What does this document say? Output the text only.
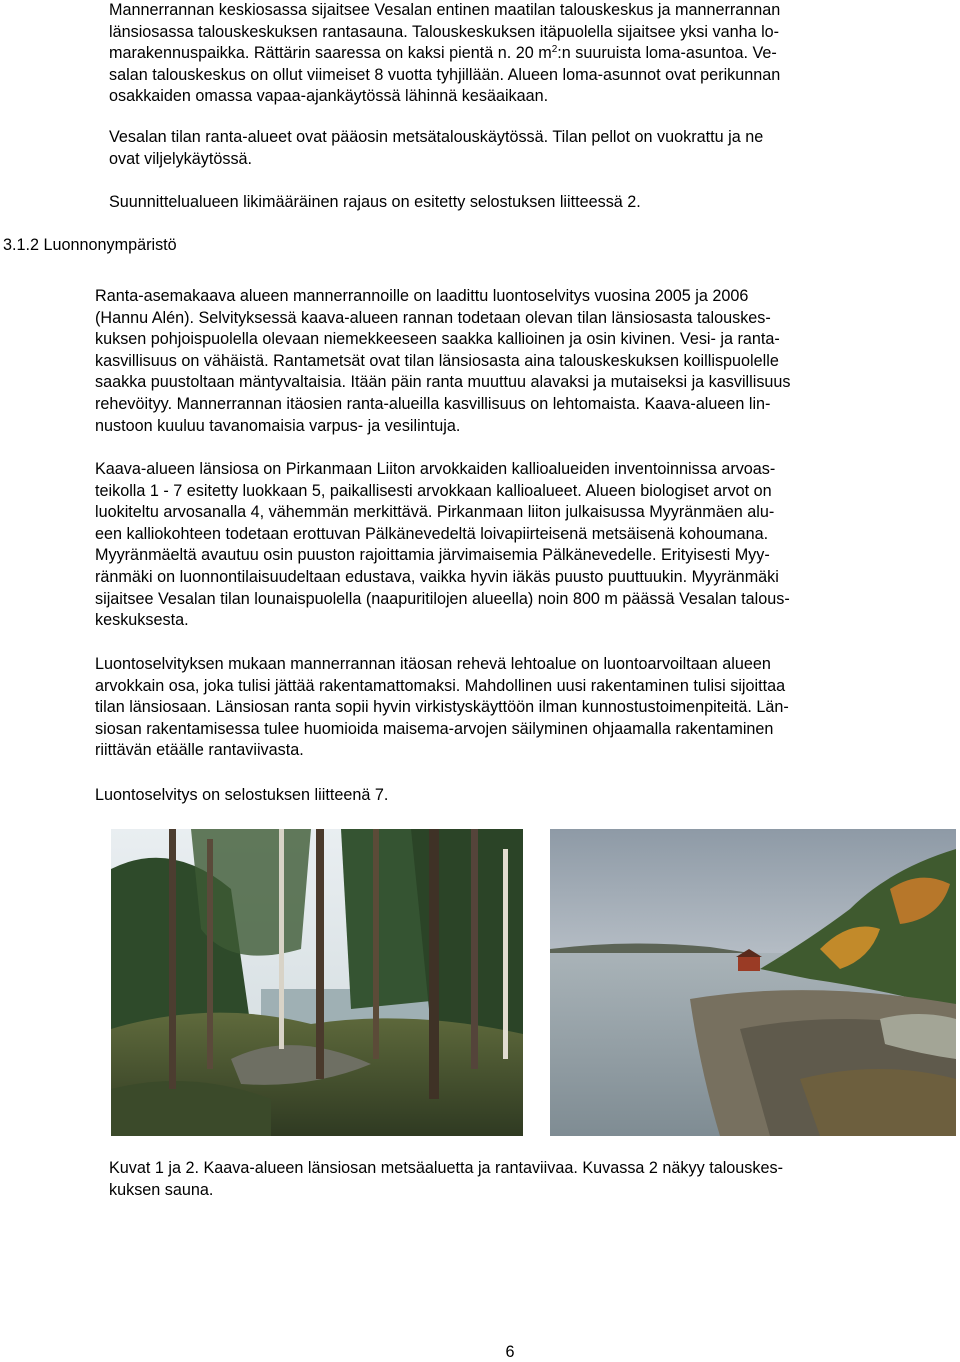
Mannerrannan keskiosassa sijaitsee Vesalan entinen maatilan talouskeskus ja mannerrannan
länsiosassa talouskeskuksen rantasauna. Talouskeskuksen itäpuolella sijaitsee yksi vanha lo-
marakennuspaikka. Rättärin saaressa on kaksi pientä n. 20 $m^2:n$ suuruista loma-asuntoa. Ve-
salan talouskeskus on ollut viimeiset 8 vuotta tyhjillään. Alueen loma-asunnot ovat perikunnan
osakkaiden omassa vapaa-ajankäytössä lähinnä kesäaikaan.
Vesalan tilan ranta-alueet ovat pääosin metsätalouskäytössä. Tilan pellot on vuokrattu ja ne
ovat viljelykäytössä.
Suunnittelualueen likimääräinen rajaus on esitetty selostuksen liitteessä 2.
3.1.2 Luonnonympäristö
Ranta-asemakaava alueen mannerrannoille on laadittu luontoselvitys vuosina 2005 ja 2006
(Hannu Alén). Selvityksessä kaava-alueen rannan todetaan olevan tilan länsiosasta talouskes-
kuksen pohjoispuolella olevaan niemekkeeseen saakka kallioinen ja osin kivinen. Vesi- ja ranta-
kasvillisuus on vähäistä. Rantametsät ovat tilan länsiosasta aina talouskeskuksen koillispuolelle
saakka puustoltaan mäntyvaltaisia. Itään päin ranta muuttuu alavaksi ja mutaiseksi ja kasvillisuus
rehevöityy. Mannerrannan itäosien ranta-alueilla kasvillisuus on lehtomaista. Kaava-alueen lin-
nustoon kuuluu tavanomaisia varpus- ja vesilintuja.
Kaava-alueen länsiosa on Pirkanmaan Liiton arvokkaiden kallioalueiden inventoinnissa arvoas-
teikolla 1 - 7 esitetty luokkaan 5, paikallisesti arvokkaan kallioalueet. Alueen biologiset arvot on
luokiteltu arvosanalla 4, vähemmän merkittävä. Pirkanmaan liiton julkaisussa Myyränmäen alu-
een kalliokohteen todetaan erottuvan Pälkänevedeltä loivapiirteisenä metsäisenä kohoumana.
Myyränmäeltä avautuu osin puuston rajoittamia järvimaisemia Pälkänevedelle. Erityisesti Myy-
ränmäki on luonnontilaisuudeltaan edustava, vaikka hyvin iäkäs puusto puuttuukin. Myyränmäki
sijaitsee Vesalan tilan lounaispuolella (naapuritilojen alueella) noin 800 m päässä Vesalan talous-
keskuksesta.
Luontoselvityksen mukaan mannerrannan itäosan rehevä lehtoalue on luontoarvoiltaan alueen
arvokkain osa, joka tulisi jättää rakentamattomaksi. Mahdollinen uusi rakentaminen tulisi sijoittaa
tilan länsiosaan. Länsiosan ranta sopii hyvin virkistyskäyttöön ilman kunnostustoimenpiteitä. Län-
siosan rakentamisessa tulee huomioida maisema-arvojen säilyminen ohjaamalla rakentaminen
riittävän etäälle rantaviivasta.
Luontoselvitys on selostuksen liitteenä 7.
Kuvat 1 ja 2. Kaava-alueen länsiosan metsäaluetta ja rantaviivaa. Kuvassa 2 näkyy talouskes-
kuksen sauna.
6
